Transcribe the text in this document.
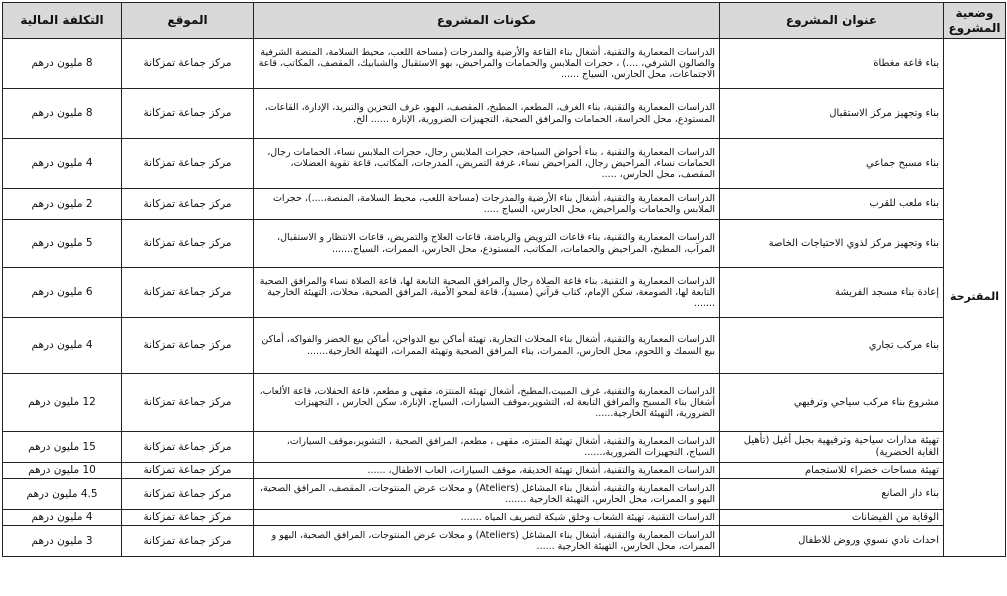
وضعية المشروع	عنوان المشروع	مكونات المشروع	الموقع	التكلفة المالية
المقترحة	بناء قاعة مغطاة	الدراسات المعمارية والتقنية، أشغال بناء القاعة والأرضية والمدرجات (مساحة اللعب، محيط السلامة، المنصة الشرفية والصالون الشرفي، ....) ، حجرات الملابس والحمامات والمراحيض، بهو الاستقبال والشبابيك، المقصف، المكاتب، قاعة الاجتماعات، محل الحارس، السياج ......	مركز جماعة تمزكانة	8 مليون درهم
	بناء وتجهيز مركز الاستقبال	الدراسات المعمارية والتقنية، بناء الغرف، المطعم، المطبخ، المقصف، البهو، غرف التخزين والتبريد، الإدارة، القاعات، المستودع، محل الحراسة، الحمامات والمرافق الصحية، التجهيزات الضرورية، الإنارة ...... الخ.	مركز جماعة تمزكانة	8 مليون درهم
	بناء مسبح جماعي	الدراسات المعمارية والتقنية ، بناء أحواض السباحة، حجرات الملابس رجال، حجرات الملابس نساء، الحمامات رجال، الحمامات نساء، المراحيض رجال، المراحيض نساء، غرفة التمريض، المدرجات، المكاتب، قاعة تقوية العضلات، المقصف، محل الحارس، .....	مركز جماعة تمزكانة	4 مليون درهم
	بناء ملعب للقرب	الدراسات المعمارية والتقنية، أشغال بناء الأرضية والمدرجات (مساحة اللعب، محيط السلامة، المنصة،....)، حجرات الملابس والحمامات والمراحيض، محل الحارس، السياج .....	مركز جماعة تمزكانة	2 مليون درهم
	بناء وتجهيز مركز لذوي الاحتياجات الخاصة	الدراسات المعمارية والتقنية، بناء قاعات الترويض والرياضة، قاعات العلاج والتمريض، قاعات الانتظار و الاستقبال، المرآب، المطبخ، المراحيض والحمامات، المكاتب، المستودع، محل الحارس، الممرات، السياج.......	مركز جماعة تمزكانة	5 مليون درهم
	إعادة بناء مسجد الفريشة	الدراسات المعمارية و التقنية، بناء قاعة الصلاة رجال والمرافق الصحية التابعة لها، قاعة الصلاة نساء والمرافق الصحية التابعة لها، الصومعة، سكن الإمام، كتاب قرآني (مسيد)، قاعة لمحو الأمية، المرافق الصحية، محلات، التهيئة الخارجية .......	مركز جماعة تمزكانة	6 مليون درهم
	بناء مركب تجاري	الدراسات المعمارية والتقنية، أشغال بناء المحلات التجارية، تهيئة أماكن بيع الدواجن، أماكن بيع الخضر والفواكه، أماكن بيع السمك و اللحوم، محل الحارس، الممرات، بناء المرافق الصحية وتهيئة الممرات، التهيئة الخارجية.......	مركز جماعة تمزكانة	4 مليون درهم
	مشروع بناء مركب سياحي وترفيهي	الدراسات المعمارية والتقنية، غرف المبيت،المطبخ، أشغال تهيئة المنتزه، مقهى و مطعم، قاعة الحفلات، قاعة الألعاب، أشغال بناء المسبح والمرافق التابعة له، التشوير،موقف السيارات، السياج، الإنارة، سكن الحارس ، التجهيزات الضرورية، التهيئة الخارجية......	مركز جماعة تمزكانة	12 مليون درهم
	تهيئة مدارات سياحية وترفيهية بجبل أغيل (تأهيل الغابة الحضرية)	الدراسات المعمارية والتقنية، أشغال تهيئة المنتزه، مقهى ، مطعم، المرافق الصحية ، التشوير،موقف السيارات، السياج، التجهيزات الضرورية،......	مركز جماعة تمزكانة	15 مليون درهم
	تهيئة مساحات خضراء للاستجمام	الدراسات المعمارية والتقنية، أشغال تهيئة الحديقة، موقف السيارات، العاب الاطفال، ......	مركز جماعة تمزكانة	10 مليون درهم
	بناء دار الصانع	الدراسات المعمارية والتقنية، أشغال بناء المشاغل (Ateliers) و محلات عرض المنتوجات، المقصف، المرافق الصحية، البهو و الممرات، محل الحارس، التهيئة الخارجية .......	مركز جماعة تمزكانة	4.5 مليون درهم
	الوقاية من الفيضانات	الدراسات التقنية، تهيئة الشعاب وخلق شبكة لتصريف المياه .......	مركز جماعة تمزكانة	4 مليون درهم
	احداث نادي نسوي وروض للاطفال	الدراسات المعمارية والتقنية، أشغال بناء المشاغل (Ateliers) و محلات عرض المنتوجات، المرافق الصحية، البهو و الممرات، محل الحارس، التهيئة الخارجية ......	مركز جماعة تمزكانة	3 مليون درهم
